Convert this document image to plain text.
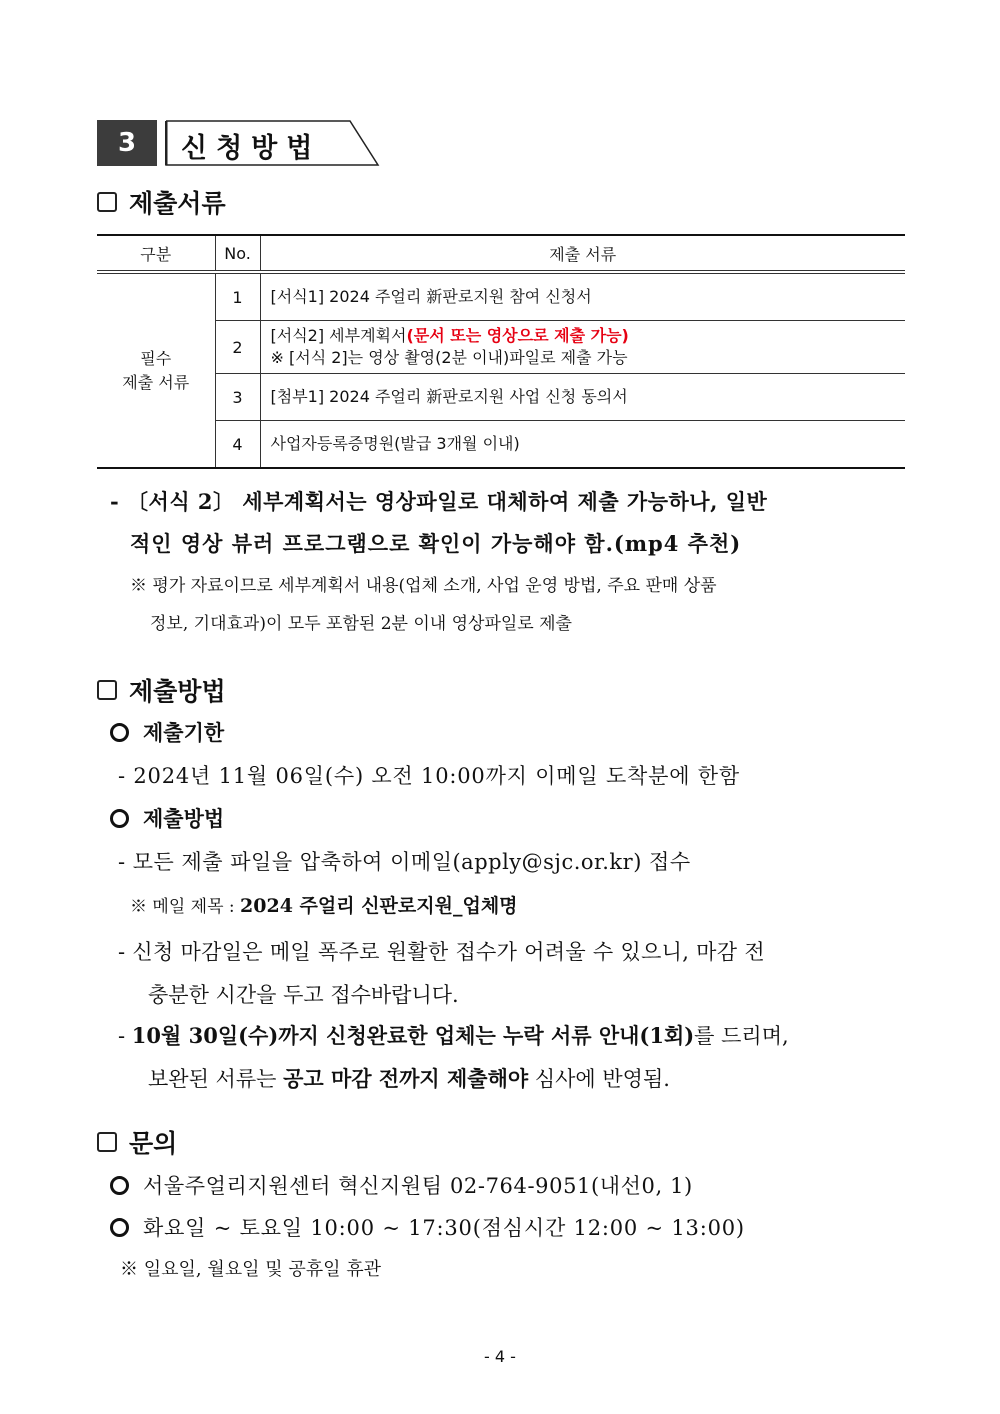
3	신청방법
제출서류
구분	No.	제출 서류

필수
제출 서류	1	[서식1] 2024 주얼리 新판로지원 참여 신청서
	2	[서식2] 세부계획서(문서 또는 영상으로 제출 가능)
※ [서식 2]는 영상 촬영(2분 이내)파일로 제출 가능

	3	[첨부1] 2024 주얼리 新판로지원 사업 신청 동의서
	4	사업자등록증명원(발급 3개월 이내)
- 〔서식 2〕 세부계획서는 영상파일로 대체하여 제출 가능하나, 일반
적인 영상 뷰러 프로그램으로 확인이 가능해야 함.(mp4 추천)
※ 평가 자료이므로 세부계획서 내용(업체 소개, 사업 운영 방법, 주요 판매 상품
정보, 기대효과)이 모두 포함된 2분 이내 영상파일로 제출
제출방법
제출기한
- 2024년 11월 06일(수) 오전 10:00까지 이메일 도착분에 한함
제출방법
- 모든 제출 파일을 압축하여 이메일(apply@sjc.or.kr) 접수
※ 메일 제목 : 2024 주얼리 신판로지원_업체명
- 신청 마감일은 메일 폭주로 원활한 접수가 어려울 수 있으니, 마감 전
충분한 시간을 두고 접수바랍니다.
- 10월 30일(수)까지 신청완료한 업체는 누락 서류 안내(1회)를 드리며,
보완된 서류는 공고 마감 전까지 제출해야 심사에 반영됨.
문의
서울주얼리지원센터 혁신지원팀 02-764-9051(내선0, 1)
화요일 ~ 토요일 10:00 ~ 17:30(점심시간 12:00 ~ 13:00)
※ 일요일, 월요일 및 공휴일 휴관
- 4 -
